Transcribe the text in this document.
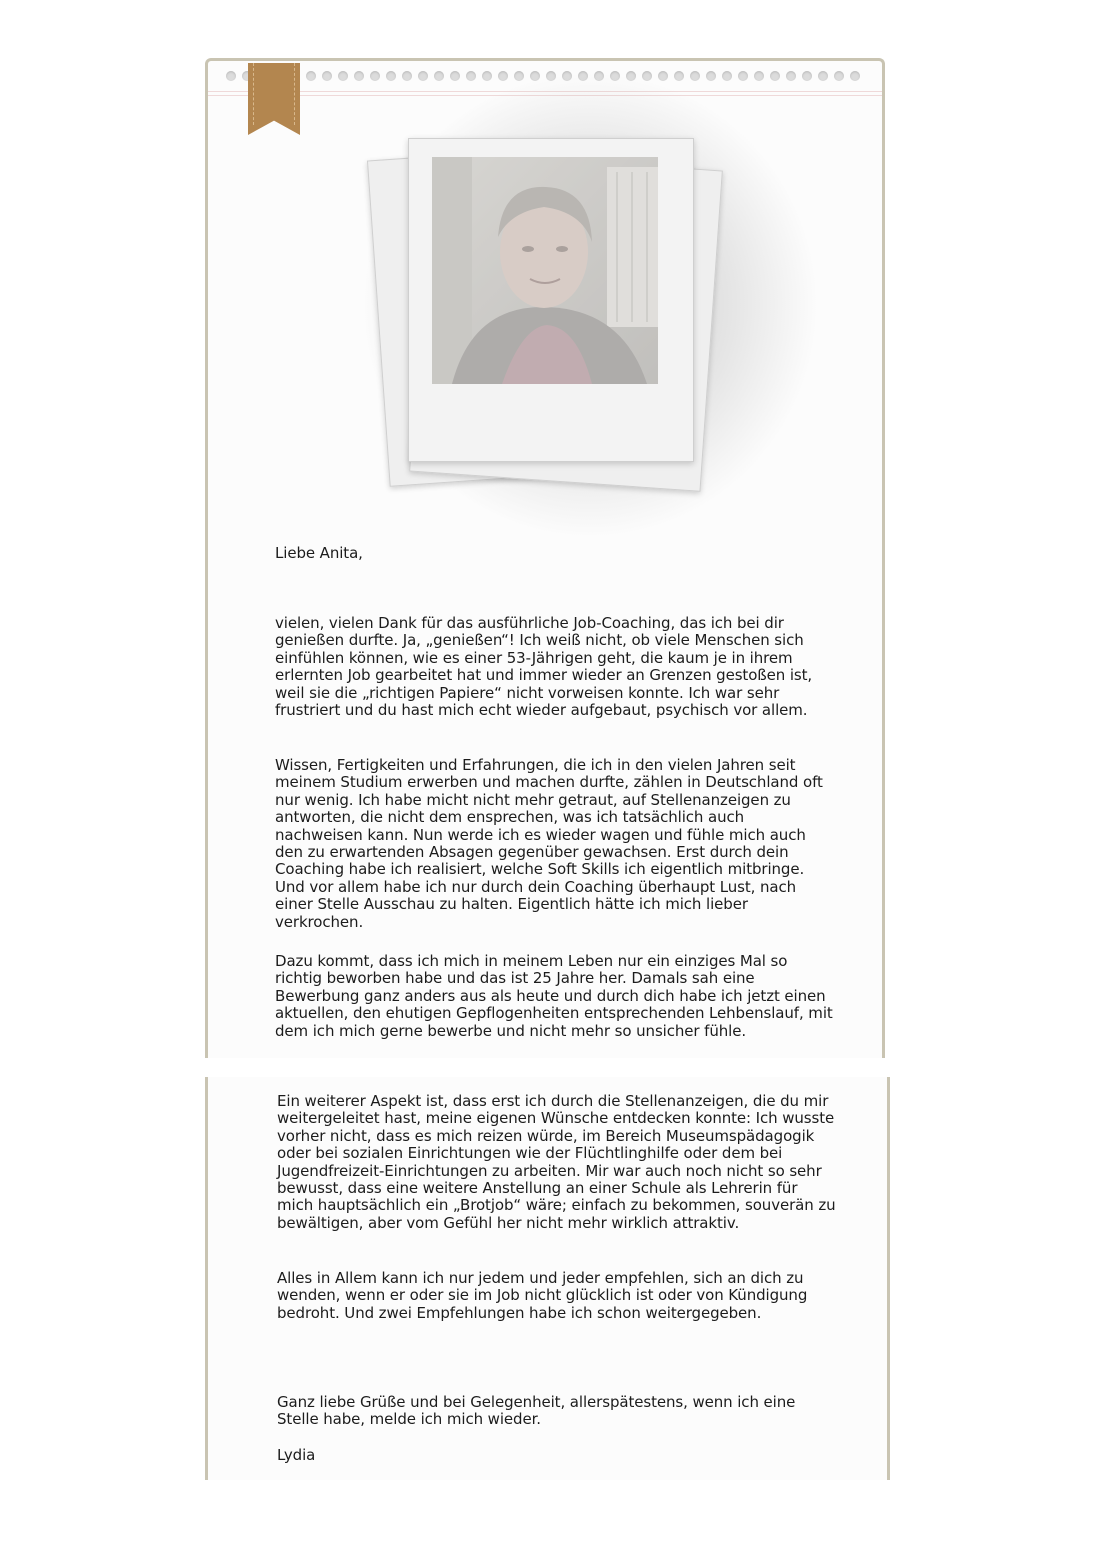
Liebe Anita,
vielen, vielen Dank für das ausführliche Job-Coaching, das ich bei dir genießen durfte. Ja, „genießen“! Ich weiß nicht, ob viele Menschen sich einfühlen können, wie es einer 53-Jährigen geht, die kaum je in ihrem erlernten Job gearbeitet hat und immer wieder an Grenzen gestoßen ist, weil sie die „richtigen Papiere“ nicht vorweisen konnte. Ich war sehr frustriert und du hast mich echt wieder aufgebaut, psychisch vor allem.
Wissen, Fertigkeiten und Erfahrungen, die ich in den vielen Jahren seit meinem Studium erwerben und machen durfte, zählen in Deutschland oft nur wenig. Ich habe micht nicht mehr getraut, auf Stellenanzeigen zu antworten, die nicht dem ensprechen, was ich tatsächlich auch nachweisen kann. Nun werde ich es wieder wagen und fühle mich auch den zu erwartenden Absagen gegenüber gewachsen. Erst durch dein Coaching habe ich realisiert, welche Soft Skills ich eigentlich mitbringe. Und vor allem habe ich nur durch dein Coaching überhaupt Lust, nach einer Stelle Ausschau zu halten. Eigentlich hätte ich mich lieber verkrochen.
Dazu kommt, dass ich mich in meinem Leben nur ein einziges Mal so richtig beworben habe und das ist 25 Jahre her. Damals sah eine Bewerbung ganz anders aus als heute und durch dich habe ich jetzt einen aktuellen, den ehutigen Gepflogenheiten entsprechenden Lehbenslauf, mit dem ich mich gerne bewerbe und nicht mehr so unsicher fühle.
Ein weiterer Aspekt ist, dass erst ich durch die Stellenanzeigen, die du mir weitergeleitet hast, meine eigenen Wünsche entdecken konnte: Ich wusste vorher nicht, dass es mich reizen würde, im Bereich Museumspädagogik oder bei sozialen Einrichtungen wie der Flüchtlinghilfe oder dem bei Jugendfreizeit-Einrichtungen zu arbeiten. Mir war auch noch nicht so sehr bewusst, dass eine weitere Anstellung an einer Schule als Lehrerin für mich hauptsächlich ein „Brotjob“ wäre; einfach zu bekommen, souverän zu bewältigen, aber vom Gefühl her nicht mehr wirklich attraktiv.
Alles in Allem kann ich nur jedem und jeder empfehlen, sich an dich zu wenden, wenn er oder sie im Job nicht glücklich ist oder von Kündigung bedroht. Und zwei Empfehlungen habe ich schon weitergegeben.
Ganz liebe Grüße und bei Gelegenheit, allerspätestens, wenn ich eine Stelle habe, melde ich mich wieder.
Lydia
